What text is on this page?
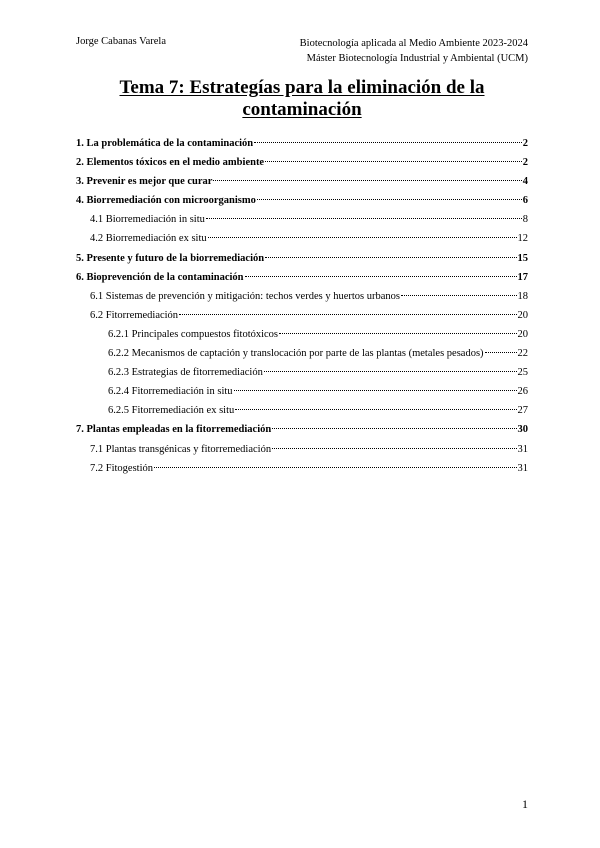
Jorge Cabanas Varela	Biotecnología aplicada al Medio Ambiente 2023-2024
Máster Biotecnología Industrial y Ambiental (UCM)
Tema 7: Estrategías para la eliminación de la
contaminación
1. La problemática de la contaminación	2
2. Elementos tóxicos en el medio ambiente	2
3. Prevenir es mejor que curar	4
4. Biorremediación con microorganismo	6
4.1 Biorremediación in situ	8
4.2 Biorremediación ex situ	12
5. Presente y futuro de la biorremediación	15
6. Bioprevención de la contaminación	17
6.1 Sistemas de prevención y mitigación: techos verdes y huertos urbanos	18
6.2 Fitorremediación	20
6.2.1 Principales compuestos fitotóxicos	20
6.2.2 Mecanismos de captación y translocación por parte de las plantas (metales pesados)	22
6.2.3 Estrategias de fitorremediación	25
6.2.4 Fitorremediación in situ	26
6.2.5 Fitorremediación ex situ	27
7. Plantas empleadas en la fitorremediación	30
7.1 Plantas transgénicas y fitorremediación	31
7.2 Fitogestión	31
1
